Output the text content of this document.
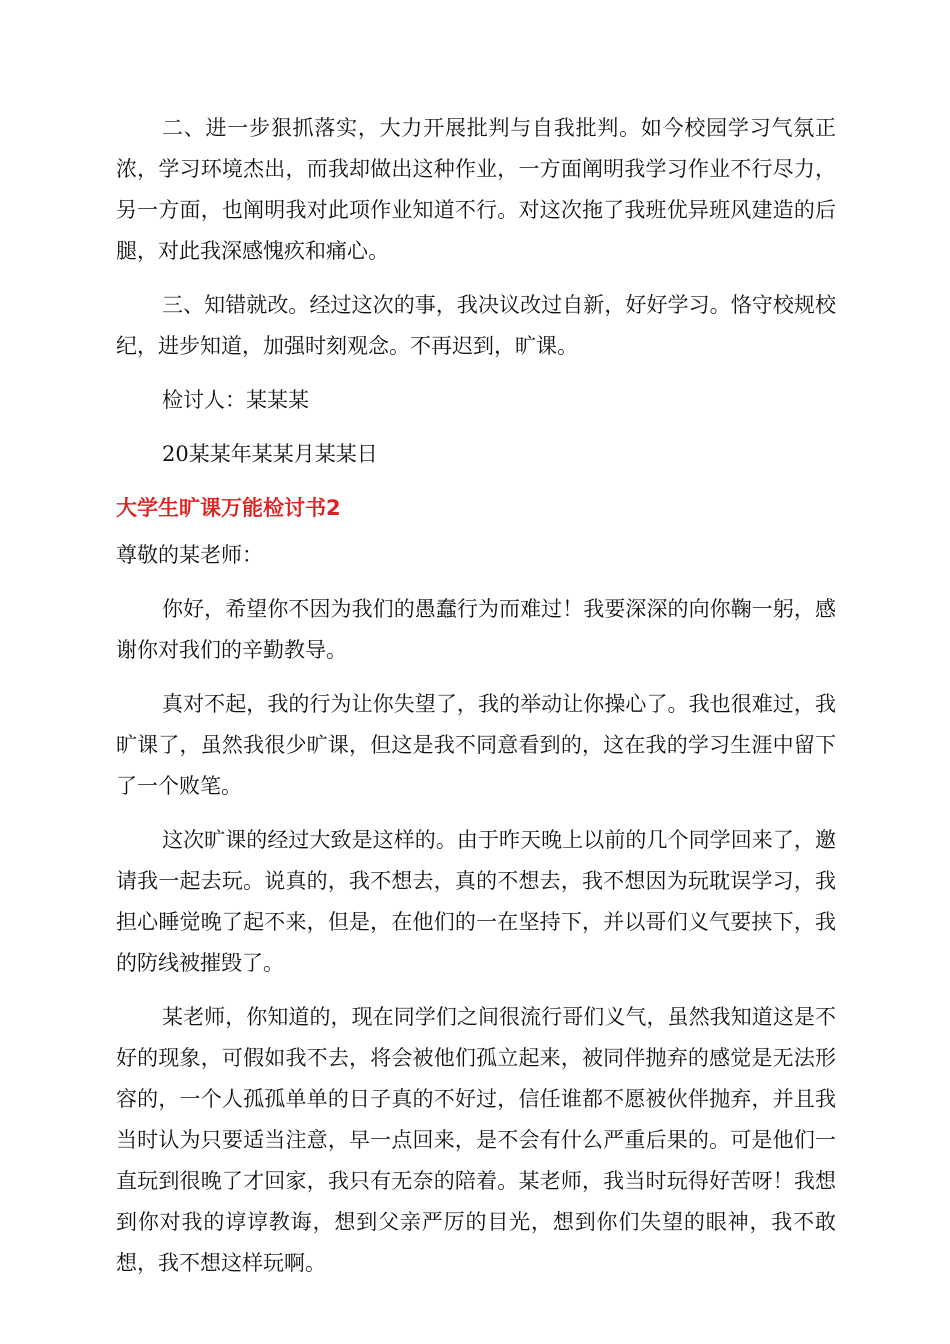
二、进一步狠抓落实，大力开展批判与自我批判。如今校园学习气氛正浓，学习环境杰出，而我却做出这种作业，一方面阐明我学习作业不行尽力，另一方面，也阐明我对此项作业知道不行。对这次拖了我班优异班风建造的后腿，对此我深感愧疚和痛心。

三、知错就改。经过这次的事，我决议改过自新，好好学习。恪守校规校纪，进步知道，加强时刻观念。不再迟到，旷课。

检讨人：某某某

20某某年某某月某某日

大学生旷课万能检讨书2

尊敬的某老师：

你好，希望你不因为我们的愚蠢行为而难过！我要深深的向你鞠一躬，感谢你对我们的辛勤教导。

真对不起，我的行为让你失望了，我的举动让你操心了。我也很难过，我旷课了，虽然我很少旷课，但这是我不同意看到的，这在我的学习生涯中留下了一个败笔。

这次旷课的经过大致是这样的。由于昨天晚上以前的几个同学回来了，邀请我一起去玩。说真的，我不想去，真的不想去，我不想因为玩耽误学习，我担心睡觉晚了起不来，但是，在他们的一在坚持下，并以哥们义气要挟下，我的防线被摧毁了。

某老师，你知道的，现在同学们之间很流行哥们义气，虽然我知道这是不好的现象，可假如我不去，将会被他们孤立起来，被同伴抛弃的感觉是无法形容的，一个人孤孤单单的日子真的不好过，信任谁都不愿被伙伴抛弃，并且我当时认为只要适当注意，早一点回来，是不会有什么严重后果的。可是他们一直玩到很晚了才回家，我只有无奈的陪着。某老师，我当时玩得好苦呀！我想到你对我的谆谆教诲，想到父亲严厉的目光，想到你们失望的眼神，我不敢想，我不想这样玩啊。
